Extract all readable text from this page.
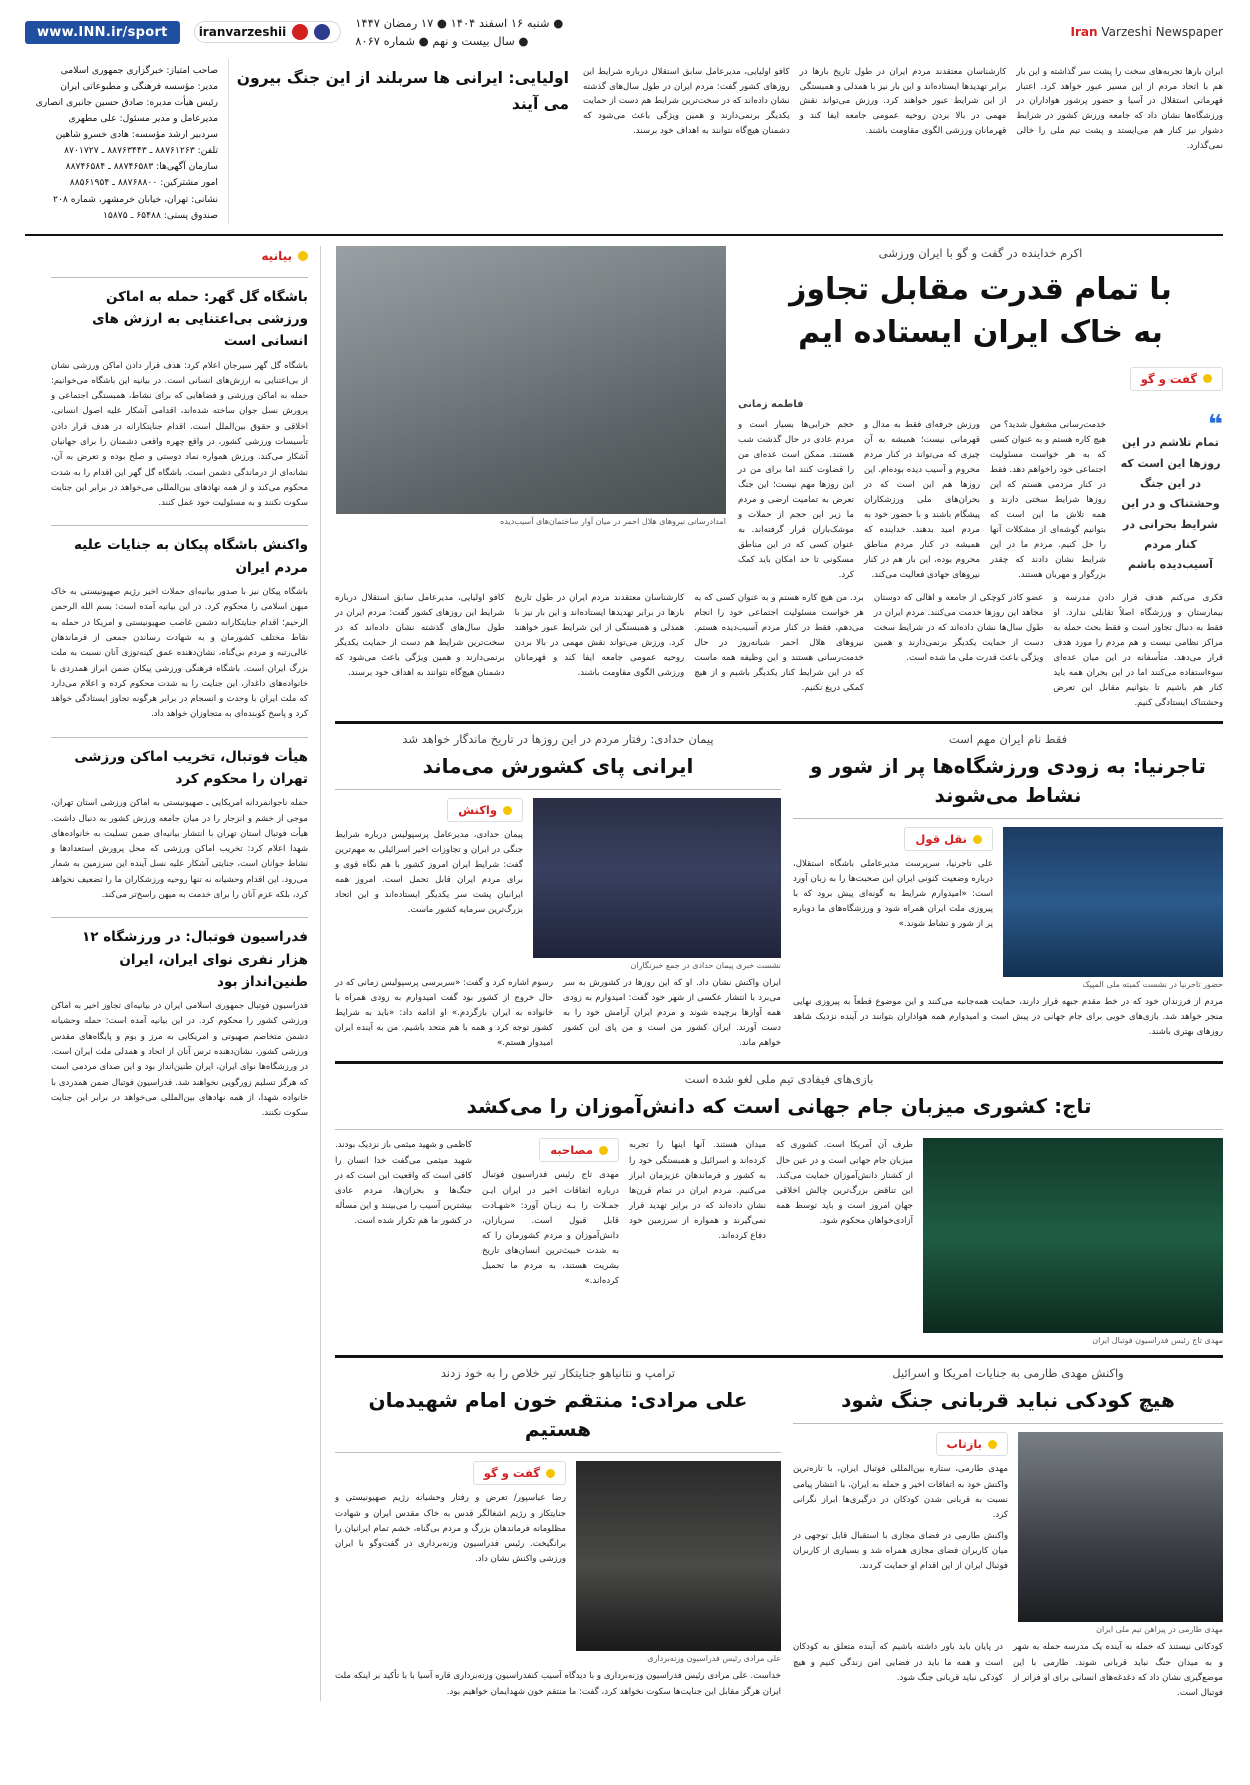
Iran Varzeshi Newspaper
● شنبه ۱۶ اسفند ۱۴۰۴ ● ۱۷ رمضان ۱۴۴۷
● سال بیست و نهم ● شماره ۸۰۶۷
iranvarzeshii
www.INN.ir/sport
ایران بارها تجربه‌های سخت را پشت سر گذاشته و این بار هم با اتحاد مردم از این مسیر عبور خواهد کرد. اعتبار قهرمانی استقلال در آسیا و حضور پرشور هواداران در ورزشگاه‌ها نشان داد که جامعه ورزش کشور در شرایط دشوار نیز کنار هم می‌ایستد و پشت تیم ملی را خالی نمی‌گذارد.
کارشناسان معتقدند مردم ایران در طول تاریخ بارها در برابر تهدیدها ایستاده‌اند و این بار نیز با همدلی و همبستگی از این شرایط عبور خواهند کرد. ورزش می‌تواند نقش مهمی در بالا بردن روحیه عمومی جامعه ایفا کند و قهرمانان ورزشی الگوی مقاومت باشند.
کافو اولیایی، مدیرعامل سابق استقلال درباره شرایط این روزهای کشور گفت: مردم ایران در طول سال‌های گذشته نشان داده‌اند که در سخت‌ترین شرایط هم دست از حمایت یکدیگر برنمی‌دارند و همین ویژگی باعث می‌شود که دشمنان هیچ‌گاه نتوانند به اهداف خود برسند.
اولیایی: ایرانی ها سربلند از این جنگ بیرون می آیند
صاحب امتیاز: خبرگزاری جمهوری اسلامی
مدیر: مؤسسه فرهنگی و مطبوعاتی ایران
رئیس هیأت مدیره: صادق حسین جانبری انصاری
مدیرعامل و مدیر مسئول: علی مطهری
سردبیر ارشد مؤسسه: هادی خسرو شاهین
تلفن: ۸۸۷۶۱۲۶۳ ـ ۸۸۷۶۳۴۴۳ ـ ۸۷۰۱۷۲۷
سازمان آگهی‌ها: ۸۸۷۴۶۵۸۳ ـ ۸۸۷۴۶۵۸۴
امور مشترکین: ۸۸۷۶۸۸۰۰ ـ ۸۸۵۶۱۹۵۴
نشانی: تهران، خیابان خرمشهر، شماره ۲۰۸
صندوق پستی: ۶۵۴۸۸ ـ ۱۵۸۷۵
اکرم خداینده در گفت و گو با ایران ورزشی
با تمام قدرت مقابل تجاوز
به خاک ایران ایستاده ایم
گفت و گو
فاطمه زمانی
❝
تمام تلاشم در این روزها این است که در این جنگ وحشتناک و در این شرایط بحرانی در کنار مردم آسیب‌دیده باشم
خدمت‌رسانی مشغول شدید؟ من هیچ کاره هستم و به عنوان کسی که به هر خواست مسئولیت اجتماعی خود راخواهم دهد. فقط در کنار مردمی هستم که این روزها شرایط سختی دارند و همه تلاش ما این است که بتوانیم گوشه‌ای از مشکلات آنها را حل کنیم. مردم ما در این شرایط نشان دادند که چقدر بزرگوار و مهربان هستند.
ورزش حرفه‌ای فقط به مدال و قهرمانی نیست؛ همیشه به آن چیزی که می‌تواند در کنار مردم محروم و آسیب دیده بوده‌ام. این روزها هم این است که در بحران‌های ملی ورزشکاران پیشگام باشند و با حضور خود به مردم امید بدهند. خداینده که همیشه در کنار مردم مناطق محروم بوده، این بار هم در کنار نیروهای جهادی فعالیت می‌کند.
حجم خرابی‌ها بسیار است و مردم عادی در حال گذشت شب هستند. ممکن است عده‌ای من را قضاوت کنند اما برای من در این روزها مهم نیست؛ این جنگ تعرض به تمامیت ارضی و مردم ما زیر این حجم از حملات و موشک‌باران قرار گرفته‌اند. به عنوان کسی که در این مناطق مسکونی تا حد امکان باید کمک کرد.
امدادرسانی نیروهای هلال احمر در میان آوار ساختمان‌های آسیب‌دیده
فکری می‌کنم هدف قرار دادن مدرسه و بیمارستان و ورزشگاه اصلاً تقابلی ندارد. او فقط به دنبال تجاوز است و فقط بحث حمله به مراکز نظامی نیست و هم مردم را مورد هدف قرار می‌دهد. متأسفانه در این میان عده‌ای سوءاستفاده می‌کنند اما در این بحران همه باید کنار هم باشیم تا بتوانیم مقابل این تعرض وحشتناک ایستادگی کنیم.
عضو کادر کوچکی از جامعه و اهالی که دوستان مجاهد این روزها خدمت می‌کنند. مردم ایران در طول سال‌ها نشان داده‌اند که در شرایط سخت دست از حمایت یکدیگر برنمی‌دارند و همین ویژگی باعث قدرت ملی ما شده است.
برد. من هیچ کاره هستم و به عنوان کسی که به هر خواست مسئولیت اجتماعی خود را انجام می‌دهم، فقط در کنار مردم آسیب‌دیده هستم. نیروهای هلال احمر شبانه‌روز در حال خدمت‌رسانی هستند و این وظیفه همه ماست که در این شرایط کنار یکدیگر باشیم و از هیچ کمکی دریغ نکنیم.
کارشناسان معتقدند مردم ایران در طول تاریخ بارها در برابر تهدیدها ایستاده‌اند و این بار نیز با همدلی و همبستگی از این شرایط عبور خواهند کرد. ورزش می‌تواند نقش مهمی در بالا بردن روحیه عمومی جامعه ایفا کند و قهرمانان ورزشی الگوی مقاومت باشند.
کافو اولیایی، مدیرعامل سابق استقلال درباره شرایط این روزهای کشور گفت: مردم ایران در طول سال‌های گذشته نشان داده‌اند که در سخت‌ترین شرایط هم دست از حمایت یکدیگر برنمی‌دارند و همین ویژگی باعث می‌شود که دشمنان هیچ‌گاه نتوانند به اهداف خود برسند.
فقط نام ایران مهم است
تاجرنیا: به زودی ورزشگاه‌ها پر از شور و نشاط می‌شوند
حضور تاجرنیا در نشست کمیته ملی المپیک
نقل قول
علی تاجرنیا، سرپرست مدیرعاملی باشگاه استقلال، درباره وضعیت کنونی ایران این صحبت‌ها را به زبان آورد است: «امیدوارم شرایط به گونه‌ای پیش برود که با پیروزی ملت ایران همراه شود و ورزشگاه‌های ما دوباره پر از شور و نشاط شوند.»
مردم از فرزندان خود که در خط مقدم جبهه قرار دارند، حمایت همه‌جانبه می‌کنند و این موضوع قطعاً به پیروزی نهایی منجر خواهد شد. بازی‌های خوبی برای جام جهانی در پیش است و امیدوارم همه هواداران بتوانند در آینده نزدیک شاهد روزهای بهتری باشند.
پیمان حدادی: رفتار مردم در این روزها در تاریخ ماندگار خواهد شد
ایرانی پای کشورش می‌ماند
نشست خبری پیمان حدادی در جمع خبرنگاران
واکنش
پیمان حدادی، مدیرعامل پرسپولیس درباره شرایط جنگی در ایران و تجاوزات اخیر اسرائیلی به مهم‌ترین گفت: شرایط ایران امروز کشور با هم نگاه قوی و برای مردم ایران قابل تحمل است. امروز همه ایرانیان پشت سر یکدیگر ایستاده‌اند و این اتحاد بزرگ‌ترین سرمایه کشور ماست.
ایران واکنش نشان داد. او که این روزها در کشورش به سر می‌برد با انتشار عکسی از شهر خود گفت: امیدوارم به زودی همه آوارها برچیده شوند و مردم ایران آرامش خود را به دست آورند. ایران کشور من است و من پای این کشور خواهم ماند.
رسوم اشاره کرد و گفت: «سربرسی پرسپولیس زمانی که در حال خروج از کشور بود گفت امیدوارم به زودی همراه با خانواده به ایران بازگردم.» او ادامه داد: «باید به شرایط کشور توجه کرد و همه با هم متحد باشیم. من به آینده ایران امیدوار هستم.»
بازی‌های فیفادی تیم ملی لغو شده است
تاج: کشوری میزبان جام جهانی است که دانش‌آموزان را می‌کشد
مهدی تاج رئیس فدراسیون فوتبال ایران
طرف آن آمریکا است. کشوری که میزبان جام جهانی است و در عین حال از کشتار دانش‌آموزان حمایت می‌کند. این تناقض بزرگ‌ترین چالش اخلاقی جهان امروز است و باید توسط همه آزادی‌خواهان محکوم شود.
میدان هستند. آنها اینها را تجربه کرده‌اند و اسرائیل و همبستگی خود را به کشور و فرماندهان عزیزمان ابراز می‌کنیم. مردم ایران در تمام قرن‌ها نشان داده‌اند که در برابر تهدید قرار نمی‌گیرند و همواره از سرزمین خود دفاع کرده‌اند.
مصاحبه
مهدی تاج رئیس فدراسیون فوتبال درباره اتفاقات اخیر در ایران ایـن جمـلات را بـه زبـان آورد: «شهـادت قابل قبول است. سربازان، دانش‌آموزان و مردم کشورمان را که به شدت خبیث‌ترین انسان‌های تاریخ بشریت هستند، به مردم ما تحمیل کرده‌اند.»
کاظمی و شهید میثمی باز نزدیک بودند. شهید میثمی می‌گفت خدا انسان را کافی است که واقعیت این است که در جنگ‌ها و بحران‌ها، مردم عادی بیشترین آسیب را می‌بینند و این مسأله در کشور ما هم تکرار شده است.
واکنش مهدی طارمی به جنایات امریکا و اسرائیل
هیچ کودکی نباید قربانی جنگ شود
مهدی طارمی در پیراهن تیم ملی ایران
بازتاب
مهدی طارمی، ستاره بین‌المللی فوتبال ایران، با تازه‌ترین واکنش خود به اتفاقات اخیر و حمله به ایران، با انتشار پیامی نسبت به قربانی شدن کودکان در درگیری‌ها ابراز نگرانی کرد.
واکنش طارمی در فضای مجازی با استقبال قابل توجهی در میان کاربران فضای مجازی همراه شد و بسیاری از کاربران فوتبال ایران از این اقدام او حمایت کردند.
کودکانی نیستند که حمله به آینده یک مدرسه حمله به شهر و به میدان جنگ نباید قربانی شوند. طارمی با این موضع‌گیری نشان داد که دغدغه‌های انسانی برای او فراتر از فوتبال است.
در پایان باید باور داشته باشیم که آینده متعلق به کودکان است و همه ما باید در فضایی امن زندگی کنیم و هیچ کودکی نباید قربانی جنگ شود.
ترامپ و نتانیاهو جنایتکار تیر خلاص را به خود زدند
علی مرادی: منتقم خون امام شهیدمان هستیم
علی مرادی رئیس فدراسیون وزنه‌برداری
گفت و گو
رضا عباسپور/ تعرض و رفتار وحشیانه رژیم صهیونیستی و جنایتکار و رژیم اشغالگر قدس به خاک مقدس ایران و شهادت مظلومانه فرماندهان بزرگ و مردم بی‌گناه، خشم تمام ایرانیان را برانگیخت. رئیس فدراسیون وزنه‌برداری در گفت‌وگو با ایران ورزشی واکنش نشان داد.
خداست. علی مرادی رئیس فدراسیون وزنه‌برداری و با دیدگاه آسیب کنفدراسیون وزنه‌برداری قاره آسیا با با تأکید بر اینکه ملت ایران هرگز مقابل این جنایت‌ها سکوت نخواهد کرد، گفت: ما منتقم خون شهدایمان خواهیم بود.
بیانیه
باشگاه گل گهر: حمله به اماکن ورزشی بی‌اعتنایی به ارزش های انسانی است

باشگاه گل گهر سیرجان اعلام کرد: هدف قرار دادن اماکن ورزشی نشان از بی‌اعتنایی به ارزش‌های انسانی است. در بیانیه این باشگاه می‌خوانیم: حمله به اماکن ورزشی و فضاهایی که برای نشاط، همبستگی اجتماعی و پرورش نسل جوان ساخته شده‌اند، اقدامی آشکار علیه اصول انسانی، اخلاقی و حقوق بین‌الملل است. اقدام جنایتکارانه در هدف قرار دادن تأسیسات ورزشی کشور، در واقع چهره واقعی دشمنان را برای جهانیان آشکار می‌کند. ورزش همواره نماد دوستی و صلح بوده و تعرض به آن، نشانه‌ای از درماندگی دشمن است. باشگاه گل گهر این اقدام را به شدت محکوم می‌کند و از همه نهادهای بین‌المللی می‌خواهد در برابر این جنایت سکوت نکنند و به مسئولیت خود عمل کنند.

واکنش باشگاه پیکان به جنایات علیه مردم ایران

باشگاه پیکان نیز با صدور بیانیه‌ای حملات اخیر رژیم صهیونیستی به خاک میهن اسلامی را محکوم کرد. در این بیانیه آمده است: بسم الله الرحمن الرحیم؛ اقدام جنایتکارانه دشمن غاصب صهیونیستی و امریکا در حمله به نقاط مختلف کشورمان و به شهادت رساندن جمعی از فرماندهان عالی‌رتبه و مردم بی‌گناه، نشان‌دهنده عمق کینه‌توزی آنان نسبت به ملت بزرگ ایران است. باشگاه فرهنگی ورزشی پیکان ضمن ابراز همدردی با خانواده‌های داغدار، این جنایت را به شدت محکوم کرده و اعلام می‌دارد که ملت ایران با وحدت و انسجام در برابر هرگونه تجاوز ایستادگی خواهد کرد و پاسخ کوبنده‌ای به متجاوزان خواهد داد.

هیأت فوتبال، تخریب اماکن ورزشی تهران را محکوم کرد

حمله ناجوانمردانه امریکایی ـ صهیونیستی به اماکن ورزشی استان تهران، موجی از خشم و انزجار را در میان جامعه ورزش کشور به دنبال داشت. هیأت فوتبال استان تهران با انتشار بیانیه‌ای ضمن تسلیت به خانواده‌های شهدا اعلام کرد: تخریب اماکن ورزشی که محل پرورش استعدادها و نشاط جوانان است، جنایتی آشکار علیه نسل آینده این سرزمین به شمار می‌رود. این اقدام وحشیانه نه تنها روحیه ورزشکاران ما را تضعیف نخواهد کرد، بلکه عزم آنان را برای خدمت به میهن راسخ‌تر می‌کند.

فدراسیون فوتبال: در ورزشگاه ۱۲ هزار نفری نوای ایران، ایران طنین‌انداز بود

فدراسیون فوتبال جمهوری اسلامی ایران در بیانیه‌ای تجاوز اخیر به اماکن ورزشی کشور را محکوم کرد. در این بیانیه آمده است: حمله وحشیانه دشمن متخاصم صهیونی و امریکایی به مرز و بوم و پایگاه‌های مقدس ورزشی کشور، نشان‌دهنده ترس آنان از اتحاد و همدلی ملت ایران است. در ورزشگاه‌ها نوای ایران، ایران طنین‌انداز بود و این صدای مردمی است که هرگز تسلیم زورگویی نخواهند شد. فدراسیون فوتبال ضمن همدردی با خانواده شهدا، از همه نهادهای بین‌المللی می‌خواهد در برابر این جنایت سکوت نکنند.
